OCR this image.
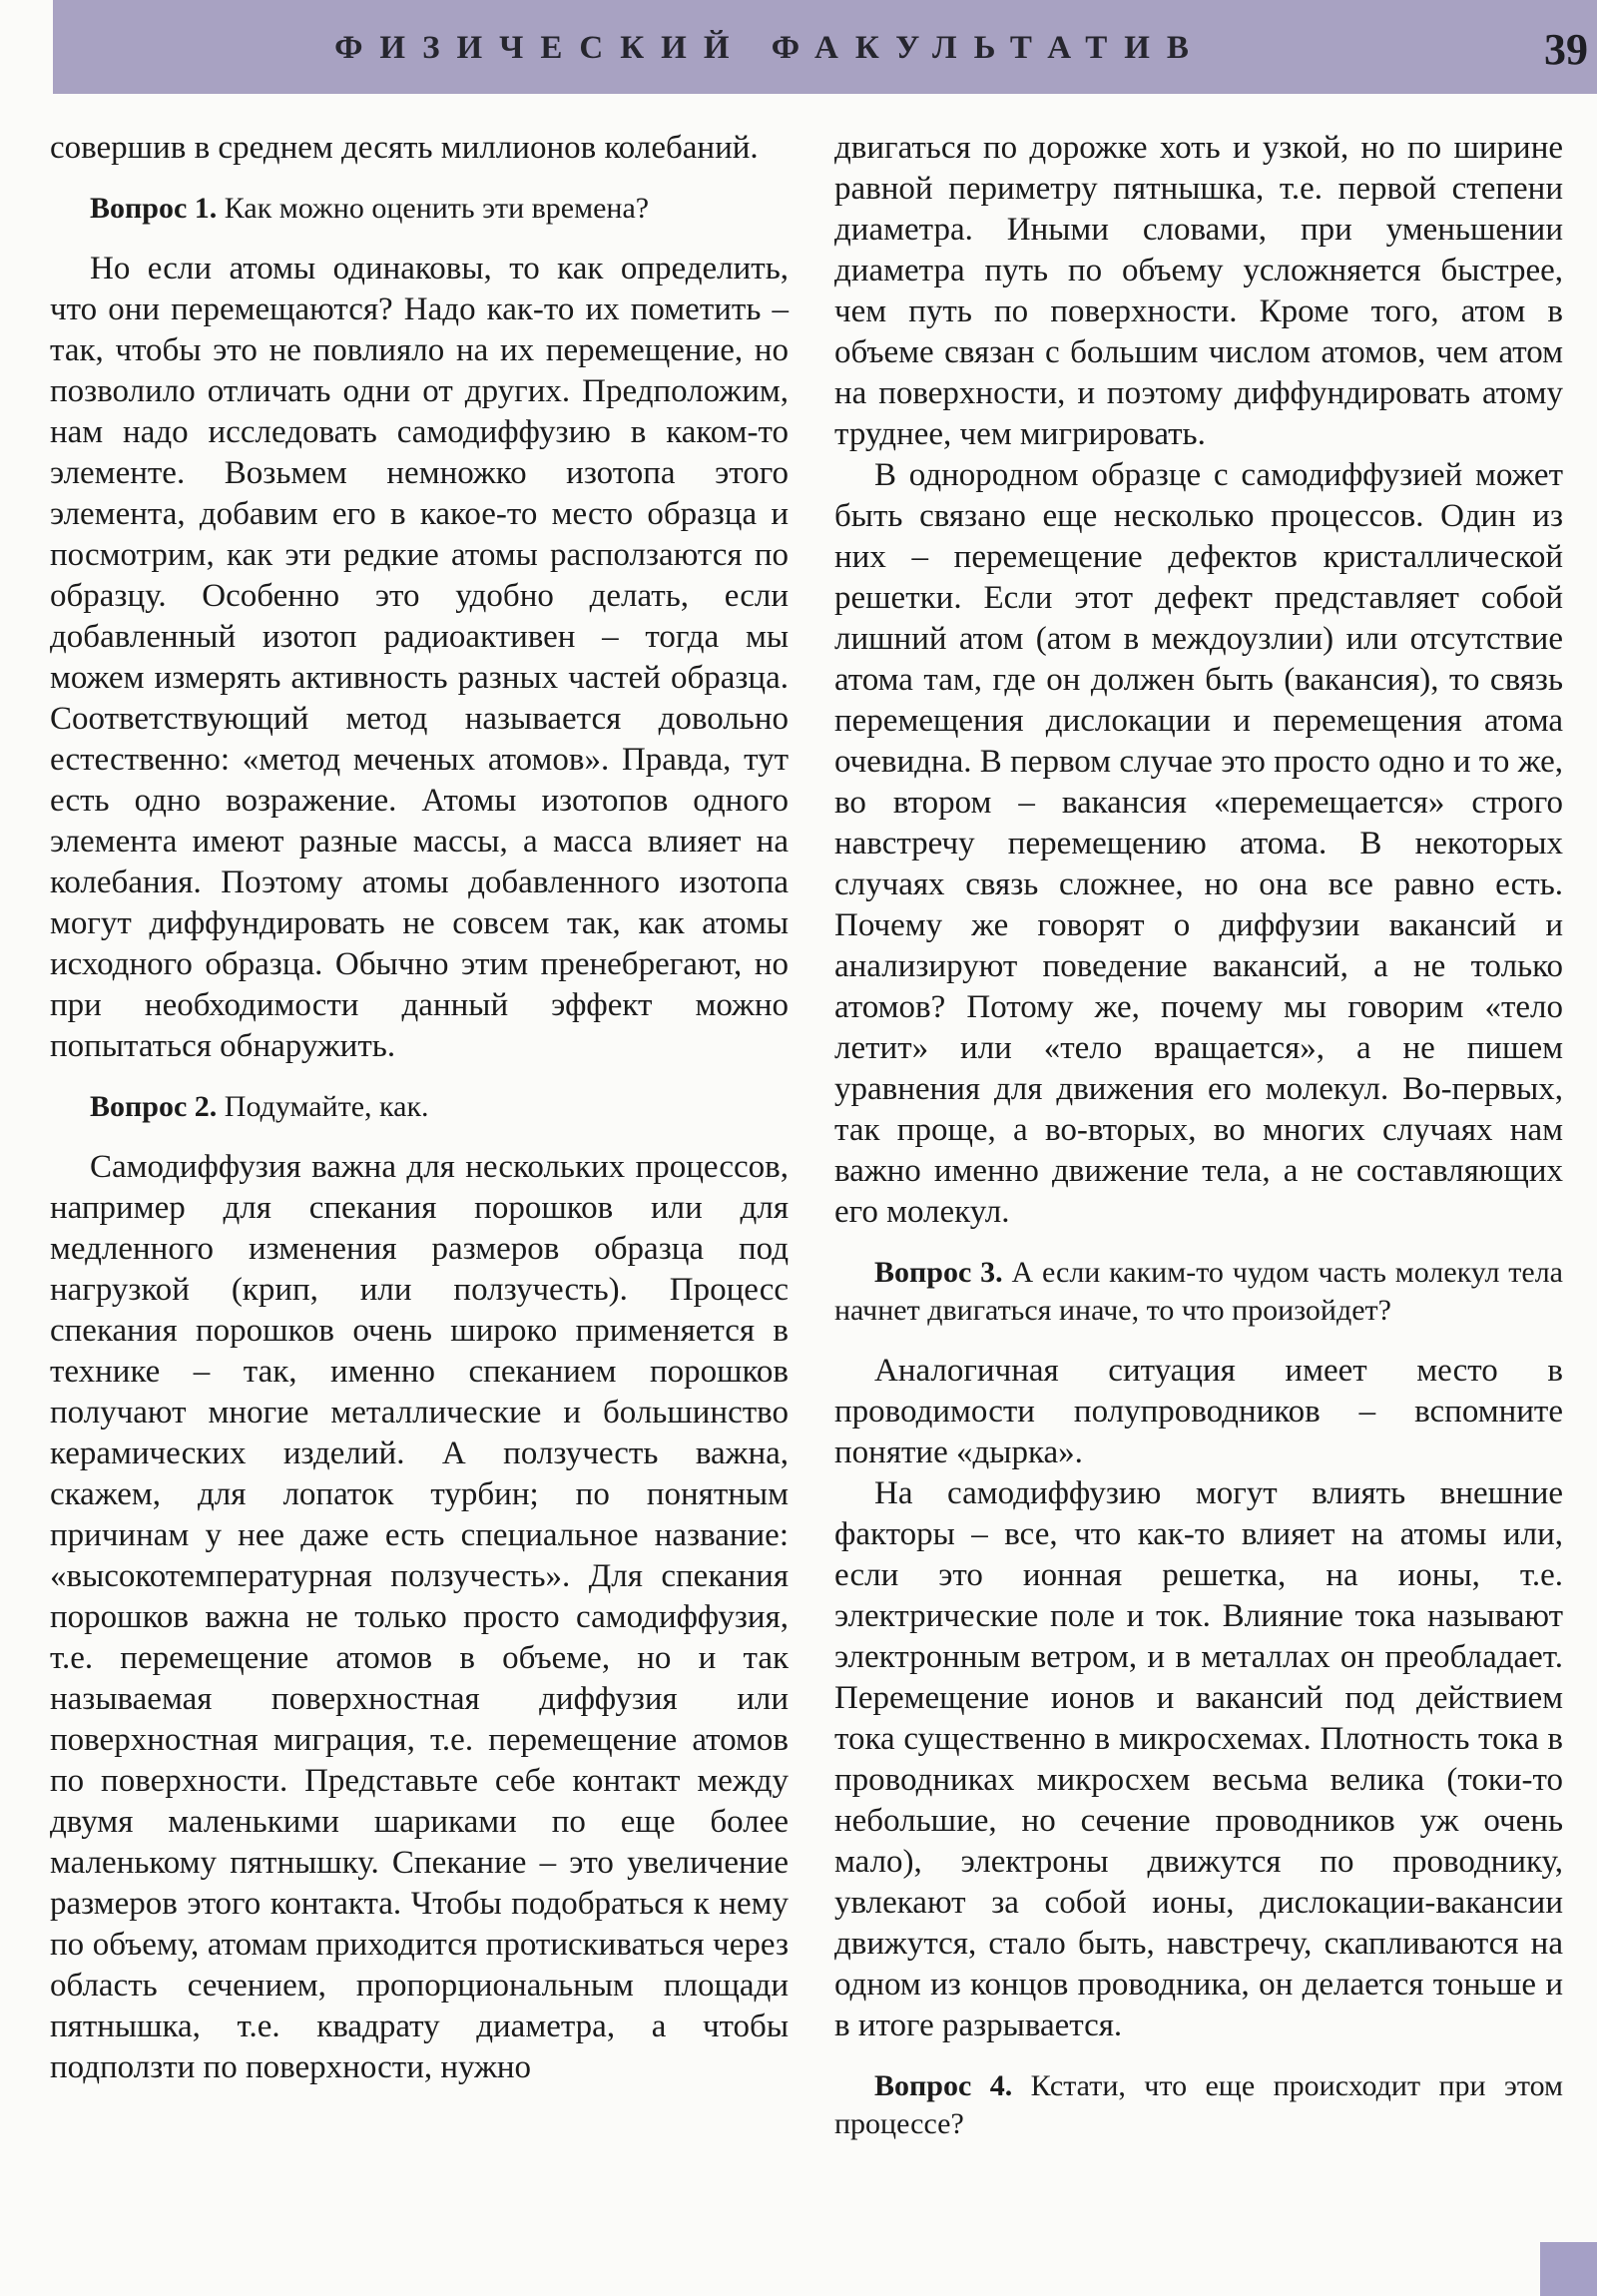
ФИЗИЧЕСКИЙ ФАКУЛЬТАТИВ	39

совершив в среднем десять миллионов колебаний.

Вопрос 1. Как можно оценить эти времена?

Но если атомы одинаковы, то как определить, что они перемещаются? Надо как-то их пометить – так, чтобы это не повлияло на их перемещение, но позволило отличать одни от других. Предположим, нам надо исследовать самодиффузию в каком-то элементе. Возьмем немножко изотопа этого элемента, добавим его в какое-то место образца и посмотрим, как эти редкие атомы расползаются по образцу. Особенно это удобно делать, если добавленный изотоп радиоактивен – тогда мы можем измерять активность разных частей образца. Соответствующий метод называется довольно естественно: «метод меченых атомов». Правда, тут есть одно возражение. Атомы изотопов одного элемента имеют разные массы, а масса влияет на колебания. Поэтому атомы добавленного изотопа могут диффундировать не совсем так, как атомы исходного образца. Обычно этим пренебрегают, но при необходимости данный эффект можно попытаться обнаружить.

Вопрос 2. Подумайте, как.

Самодиффузия важна для нескольких процессов, например для спекания порошков или для медленного изменения размеров образца под нагрузкой (крип, или ползучесть). Процесс спекания порошков очень широко применяется в технике – так, именно спеканием порошков получают многие металлические и большинство керамических изделий. А ползучесть важна, скажем, для лопаток турбин; по понятным причинам у нее даже есть специальное название: «высокотемпературная ползучесть». Для спекания порошков важна не только просто самодиффузия, т.е. перемещение атомов в объеме, но и так называемая поверхностная диффузия или поверхностная миграция, т.е. перемещение атомов по поверхности. Представьте себе контакт между двумя маленькими шариками по еще более маленькому пятнышку. Спекание – это увеличение размеров этого контакта. Чтобы подобраться к нему по объему, атомам приходится протискиваться через область сечением, пропорциональным площади пятнышка, т.е. квадрату диаметра, а чтобы подползти по поверхности, нужно

двигаться по дорожке хоть и узкой, но по ширине равной периметру пятнышка, т.е. первой степени диаметра. Иными словами, при уменьшении диаметра путь по объему усложняется быстрее, чем путь по поверхности. Кроме того, атом в объеме связан с большим числом атомов, чем атом на поверхности, и поэтому диффундировать атому труднее, чем мигрировать.

В однородном образце с самодиффузией может быть связано еще несколько процессов. Один из них – перемещение дефектов кристаллической решетки. Если этот дефект представляет собой лишний атом (атом в междоузлии) или отсутствие атома там, где он должен быть (вакансия), то связь перемещения дислокации и перемещения атома очевидна. В первом случае это просто одно и то же, во втором – вакансия «перемещается» строго навстречу перемещению атома. В некоторых случаях связь сложнее, но она все равно есть. Почему же говорят о диффузии вакансий и анализируют поведение вакансий, а не только атомов? Потому же, почему мы говорим «тело летит» или «тело вращается», а не пишем уравнения для движения его молекул. Во-первых, так проще, а во-вторых, во многих случаях нам важно именно движение тела, а не составляющих его молекул.

Вопрос 3. А если каким-то чудом часть молекул тела начнет двигаться иначе, то что произойдет?

Аналогичная ситуация имеет место в проводимости полупроводников – вспомните понятие «дырка».

На самодиффузию могут влиять внешние факторы – все, что как-то влияет на атомы или, если это ионная решетка, на ионы, т.е. электрические поле и ток. Влияние тока называют электронным ветром, и в металлах он преобладает. Перемещение ионов и вакансий под действием тока существенно в микросхемах. Плотность тока в проводниках микросхем весьма велика (токи-то небольшие, но сечение проводников уж очень мало), электроны движутся по проводнику, увлекают за собой ионы, дислокации-вакансии движутся, стало быть, навстречу, скапливаются на одном из концов проводника, он делается тоньше и в итоге разрывается.

Вопрос 4. Кстати, что еще происходит при этом процессе?
